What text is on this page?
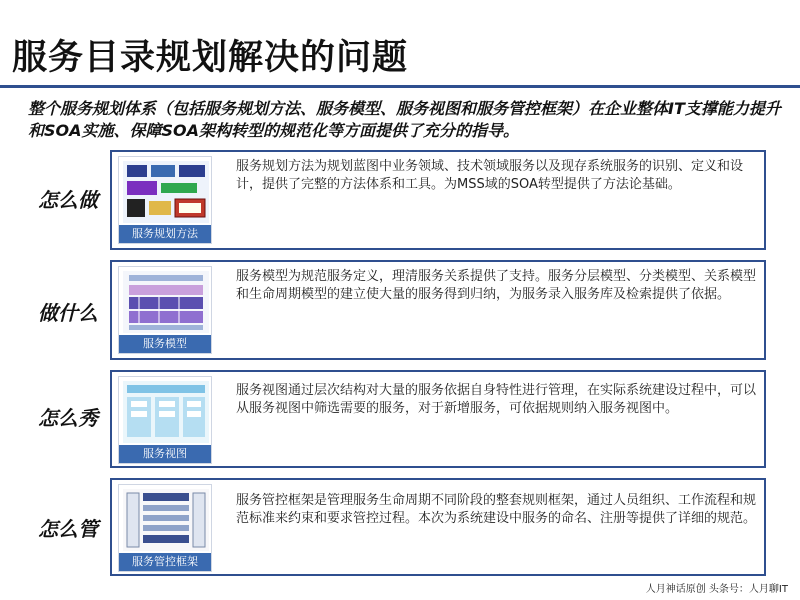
服务目录规划解决的问题
整个服务规划体系（包括服务规划方法、服务模型、服务视图和服务管控框架）在企业整体IT支撑能力提升和SOA实施、保障SOA架构转型的规范化等方面提供了充分的指导。
怎么做
服务规划方法
服务规划方法为规划蓝图中业务领域、技术领域服务以及现存系统服务的识别、定义和设计，提供了完整的方法体系和工具。为MSS域的SOA转型提供了方法论基础。
做什么
服务模型
服务模型为规范服务定义，理清服务关系提供了支持。服务分层模型、分类模型、关系模型和生命周期模型的建立使大量的服务得到归纳，为服务录入服务库及检索提供了依据。
怎么秀
服务视图
服务视图通过层次结构对大量的服务依据自身特性进行管理，在实际系统建设过程中，可以从服务视图中筛选需要的服务，对于新增服务，可依据规则纳入服务视图中。
怎么管
服务管控框架
服务管控框架是管理服务生命周期不同阶段的整套规则框架，通过人员组织、工作流程和规范标准来约束和要求管控过程。本次为系统建设中服务的命名、注册等提供了详细的规范。
人月神话原创 头条号：人月聊IT
